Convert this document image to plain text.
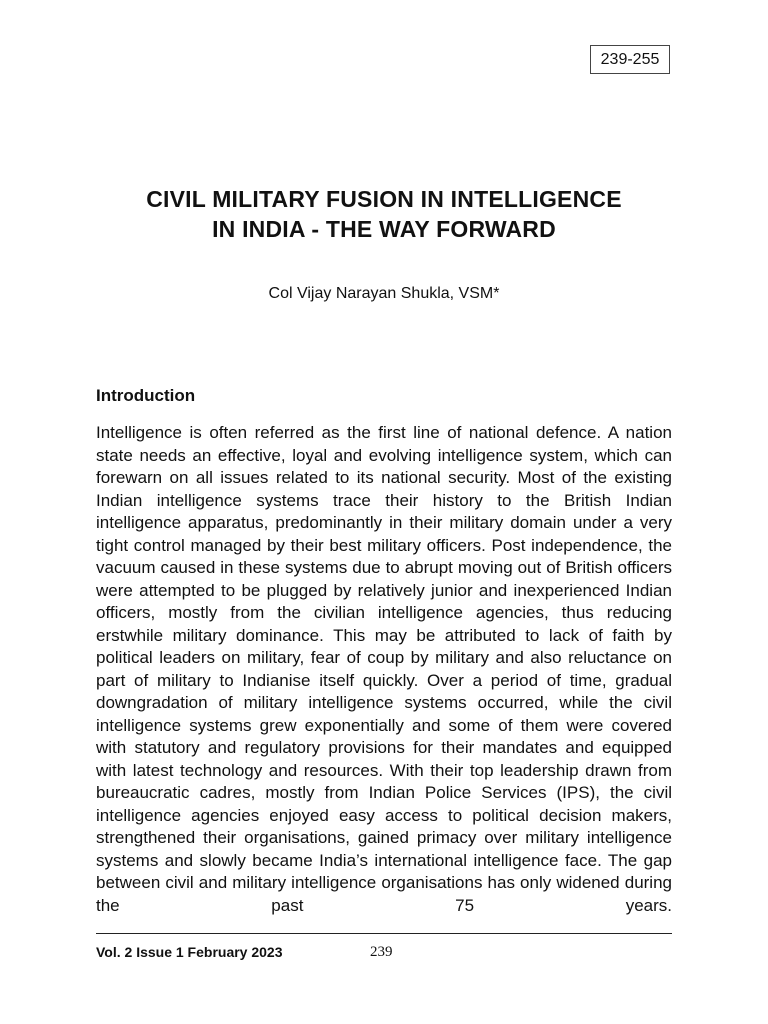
239-255
CIVIL MILITARY FUSION IN INTELLIGENCE
IN INDIA - THE WAY FORWARD
Col Vijay Narayan Shukla, VSM*
Introduction

Intelligence is often referred as the first line of national defence. A nation state needs an effective, loyal and evolving intelligence system, which can forewarn on all issues related to its national security. Most of the existing Indian intelligence systems trace their history to the British Indian intelligence apparatus, predominantly in their military domain under a very tight control managed by their best military officers. Post independence, the vacuum caused in these systems due to abrupt moving out of British officers were attempted to be plugged by relatively junior and inexperienced Indian officers, mostly from the civilian intelligence agencies, thus reducing erstwhile military dominance. This may be attributed to lack of faith by political leaders on military, fear of coup by military and also reluctance on part of military to Indianise itself quickly. Over a period of time, gradual downgradation of military intelligence systems occurred, while the civil intelligence systems grew exponentially and some of them were covered with statutory and regulatory provisions for their mandates and equipped with latest technology and resources. With their top leadership drawn from bureaucratic cadres, mostly from Indian Police Services (IPS), the civil intelligence agencies enjoyed easy access to political decision makers, strengthened their organisations, gained primacy over military intelligence systems and slowly became India’s international intelligence face. The gap between civil and military intelligence organisations has only widened during the past 75 years.

Vol. 2 Issue 1 February 2023	239
